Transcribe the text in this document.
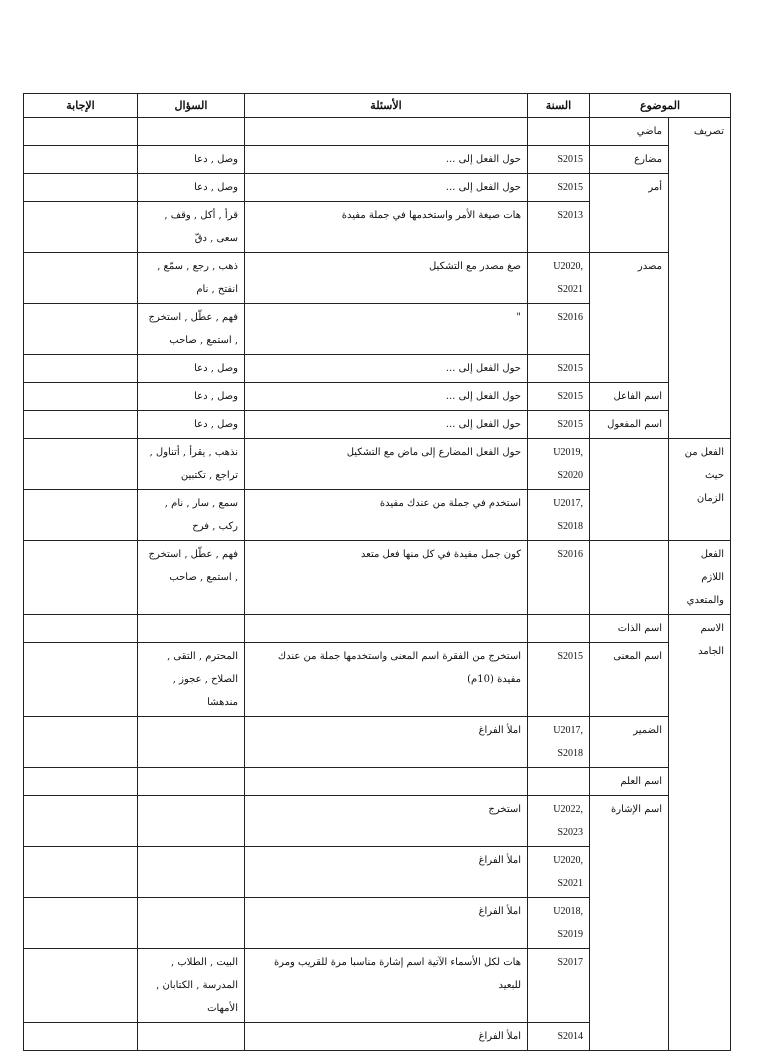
الموضوع		السنة	الأسئلة	السؤال	الإجابة
تصريف	ماضي				
	مضارع	S2015	حول الفعل إلى ...	وصل , دعا	
	أمر	S2015	حول الفعل إلى ...	وصل , دعا	
		S2013	هات صيغة الأمر واستخدمها في جملة مفيدة	قرأ , أكل , وقف , سعى , دقّ	
	مصدر	U2020, S2021	صغ مصدر مع التشكيل	ذهب , رجع , سمّع , انفتح , نام	
		S2016	"	فهم , عطّل , استخرج , استمع , صاحب	
		S2015	حول الفعل إلى ...	وصل , دعا	
	اسم الفاعل	S2015	حول الفعل إلى ...	وصل , دعا	
	اسم المفعول	S2015	حول الفعل إلى ...	وصل , دعا	
الفعل من حيث الزمان		U2019, S2020	حول الفعل المضارع إلى ماض مع التشكيل	نذهب , يقرأ , أتناول , تراجع , تكتبين	
		U2017, S2018	استخدم في جملة من عندك مفيدة	سمع , سار , نام , ركب , فرح	
الفعل اللازم والمتعدي		S2016	كون جمل مفيدة في كل منها فعل متعد	فهم , عطّل , استخرج , استمع , صاحب	
الاسم الجامد	اسم الذات				
	اسم المعنى	S2015	استخرج من الفقرة اسم المعنى واستخدمها جملة من عندك مفيدة (10م)	المحترم , التقى , الصلاح , عجوز , مندهشا	
	الضمير	U2017, S2018	املأ الفراغ		
	اسم العلم				
	اسم الإشارة	U2022, S2023	استخرج		
		U2020, S2021	املأ الفراغ		
		U2018, S2019	املأ الفراغ		
		S2017	هات لكل الأسماء الآتية اسم إشارة مناسبا مرة للقريب ومرة للبعيد	البيت , الطلاب , المدرسة , الكتابان , الأمهات	
		S2014	املأ الفراغ		
